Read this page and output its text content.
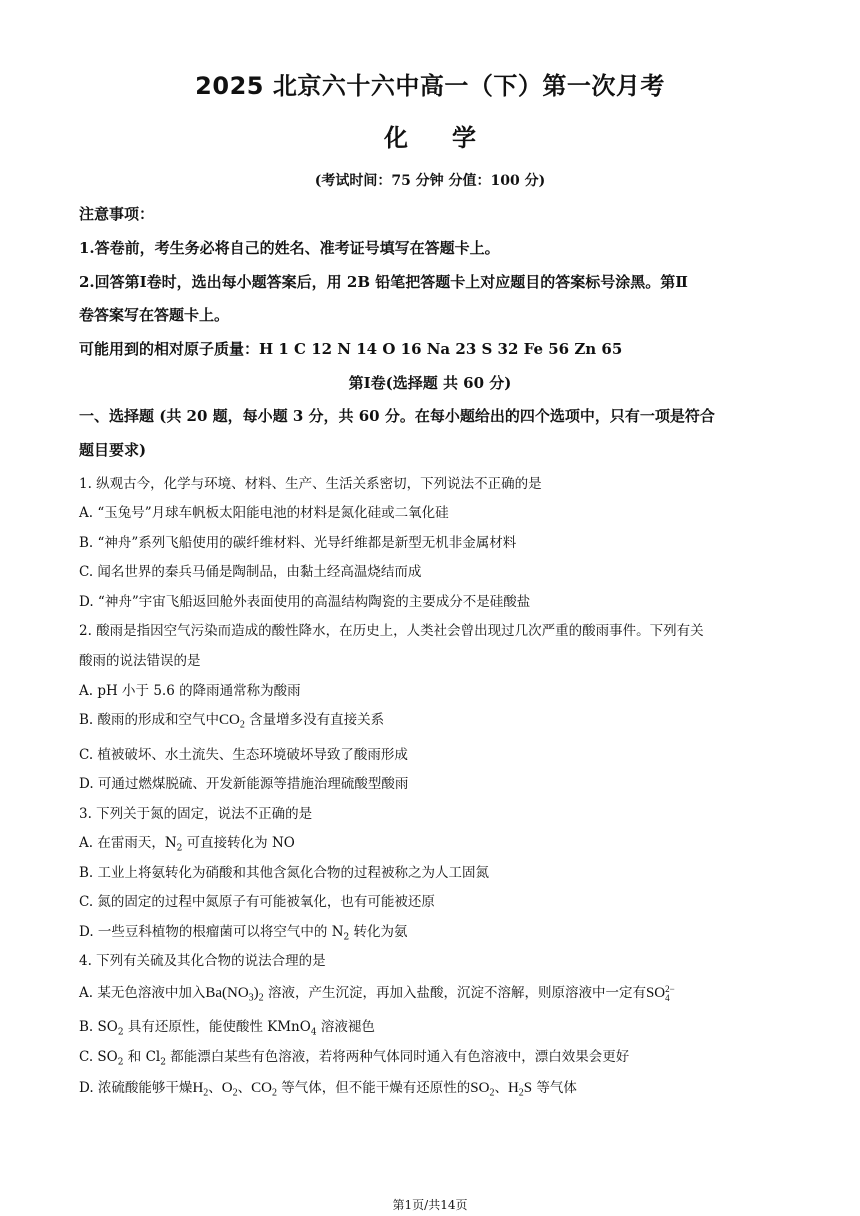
2025 北京六十六中高一（下）第一次月考
化学
(考试时间：75 分钟 分值：100 分)
注意事项：
1.答卷前，考生务必将自己的姓名、准考证号填写在答题卡上。
2.回答第Ⅰ卷时，选出每小题答案后，用 2B 铅笔把答题卡上对应题目的答案标号涂黑。第Ⅱ
卷答案写在答题卡上。
可能用到的相对原子质量：H 1 C 12 N 14 O 16 Na 23 S 32 Fe 56 Zn 65
第Ⅰ卷(选择题 共 60 分)
一、选择题 (共 20 题，每小题 3 分，共 60 分。在每小题给出的四个选项中，只有一项是符合
题目要求)
1. 纵观古今，化学与环境、材料、生产、生活关系密切，下列说法不正确的是
A. “玉兔号”月球车帆板太阳能电池的材料是氮化硅或二氧化硅
B. “神舟”系列飞船使用的碳纤维材料、光导纤维都是新型无机非金属材料
C. 闻名世界的秦兵马俑是陶制品，由黏土经高温烧结而成
D. “神舟”宇宙飞船返回舱外表面使用的高温结构陶瓷的主要成分不是硅酸盐
2. 酸雨是指因空气污染而造成的酸性降水，在历史上，人类社会曾出现过几次严重的酸雨事件。下列有关
酸雨的说法错误的是
A. pH 小于 5.6 的降雨通常称为酸雨
B. 酸雨的形成和空气中$CO_2$ 含量增多没有直接关系
C. 植被破坏、水土流失、生态环境破坏导致了酸雨形成
D. 可通过燃煤脱硫、开发新能源等措施治理硫酸型酸雨
3. 下列关于氮的固定，说法不正确的是
A. 在雷雨天，$N_2$ 可直接转化为 NO
B. 工业上将氨转化为硝酸和其他含氮化合物的过程被称之为人工固氮
C. 氮的固定的过程中氮原子有可能被氧化，也有可能被还原
D. 一些豆科植物的根瘤菌可以将空气中的 $N_2$ 转化为氨
4. 下列有关硫及其化合物的说法合理的是
A. 某无色溶液中加入$Ba(NO_3)_2$ 溶液，产生沉淀，再加入盐酸，沉淀不溶解，则原溶液中一定有SO 2−
4
B. $SO_2$ 具有还原性，能使酸性 KMnO$_4$ 溶液褪色
C. $SO_2$ 和 $Cl_2$ 都能漂白某些有色溶液，若将两种气体同时通入有色溶液中，漂白效果会更好
D. 浓硫酸能够干燥$H_2$、$O_2$、$CO_2$ 等气体，但不能干燥有还原性的$SO_2$、$H_2S$ 等气体
第1页/共14页
